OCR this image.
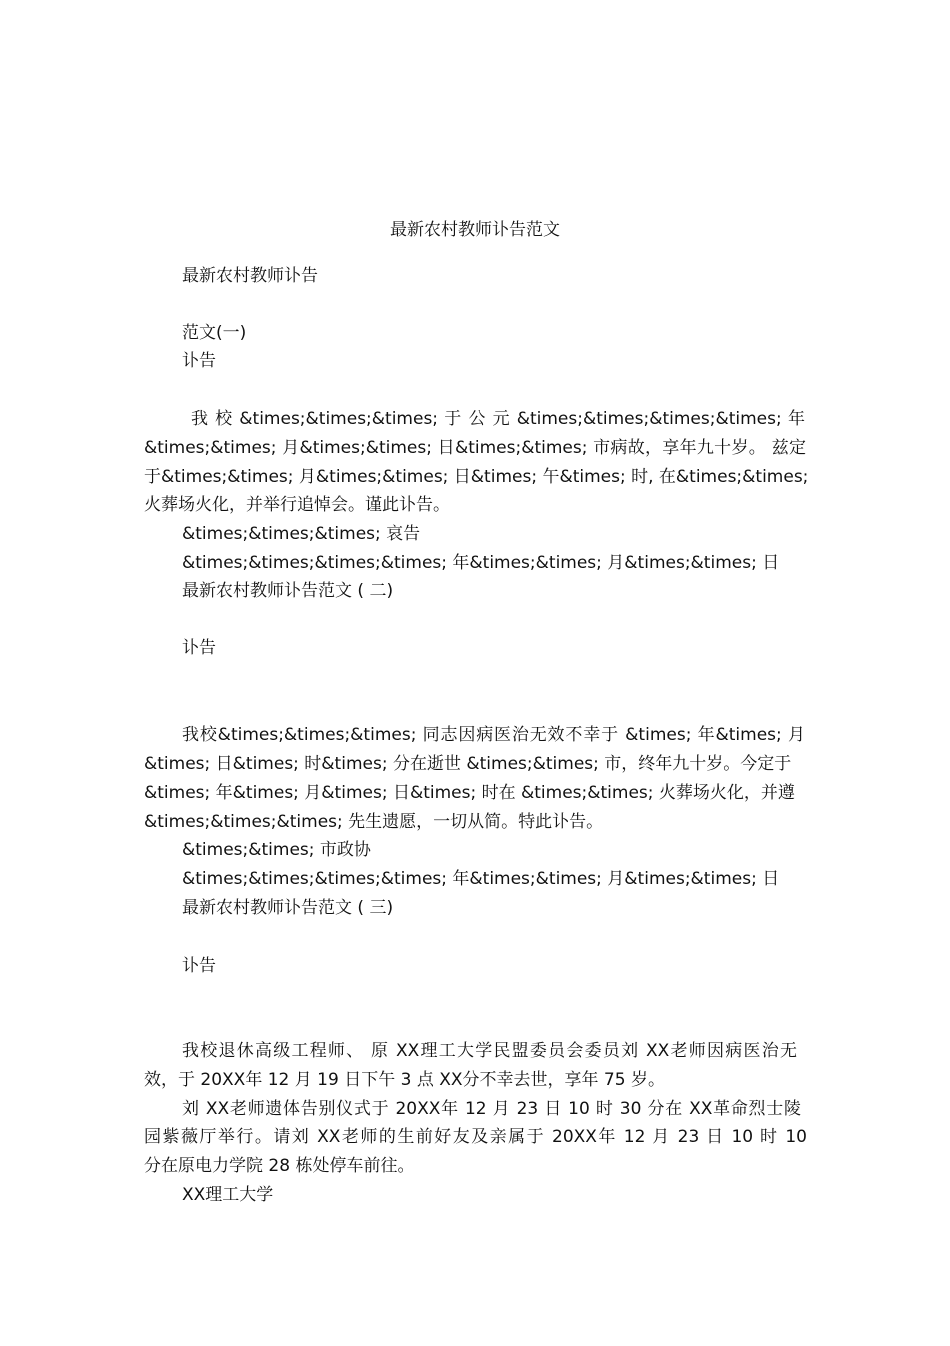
最新农村教师讣告范文
最新农村教师讣告
范文(一)
讣告
我 校 &times;&times;&times; 于 公 元 &times;&times;&times;&times; 年
&times;&times; 月&times;&times; 日&times;&times; 市病故，享年九十岁。 兹定
于&times;&times; 月&times;&times; 日&times; 午&times; 时, 在&times;&times;
火葬场火化，并举行追悼会。谨此讣告。
&times;&times;&times; 哀告
&times;&times;&times;&times; 年&times;&times; 月&times;&times; 日
最新农村教师讣告范文 ( 二)
讣告
我校&times;&times;&times; 同志因病医治无效不幸于 &times; 年&times; 月
&times; 日&times; 时&times; 分在逝世 &times;&times; 市，终年九十岁。今定于
&times; 年&times; 月&times; 日&times; 时在 &times;&times; 火葬场火化，并遵
&times;&times;&times; 先生遗愿，一切从简。特此讣告。
&times;&times; 市政协
&times;&times;&times;&times; 年&times;&times; 月&times;&times; 日
最新农村教师讣告范文 ( 三)
讣告
我校退休高级工程师、 原 XX理工大学民盟委员会委员刘 XX老师因病医治无
效，于 20XX年 12 月 19 日下午 3 点 XX分不幸去世，享年 75 岁。
刘 XX老师遗体告别仪式于 20XX年 12 月 23 日 10 时 30 分在 XX革命烈士陵
园紫薇厅举行。请刘 XX老师的生前好友及亲属于 20XX年 12 月 23 日 10 时 10
分在原电力学院 28 栋处停车前往。
XX理工大学
